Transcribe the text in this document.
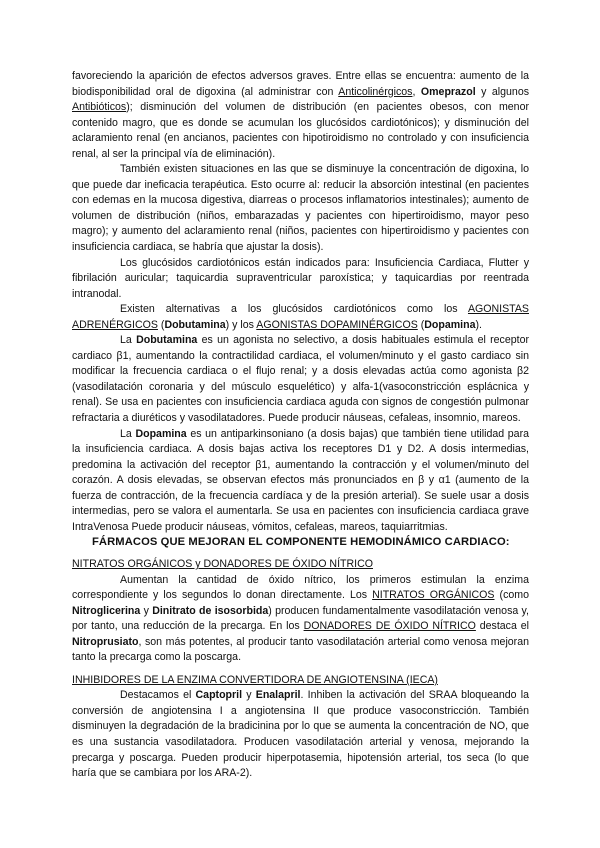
favoreciendo la aparición de efectos adversos graves. Entre ellas se encuentra: aumento de la biodisponibilidad oral de digoxina (al administrar con Anticolinérgicos, Omeprazol y algunos Antibióticos); disminución del volumen de distribución (en pacientes obesos, con menor contenido magro, que es donde se acumulan los glucósidos cardiotónicos); y disminución del aclaramiento renal (en ancianos, pacientes con hipotiroidismo no controlado y con insuficiencia renal, al ser la principal vía de eliminación).

También existen situaciones en las que se disminuye la concentración de digoxina, lo que puede dar ineficacia terapéutica. Esto ocurre al: reducir la absorción intestinal (en pacientes con edemas en la mucosa digestiva, diarreas o procesos inflamatorios intestinales); aumento de volumen de distribución (niños, embarazadas y pacientes con hipertiroidismo, mayor peso magro); y aumento del aclaramiento renal (niños, pacientes con hipertiroidismo y pacientes con insuficiencia cardiaca, se habría que ajustar la dosis).

Los glucósidos cardiotónicos están indicados para: Insuficiencia Cardiaca, Flutter y fibrilación auricular; taquicardia supraventricular paroxística; y taquicardias por reentrada intranodal.

Existen alternativas a los glucósidos cardiotónicos como los AGONISTAS ADRENÉRGICOS (Dobutamina) y los AGONISTAS DOPAMINÉRGICOS (Dopamina).

La Dobutamina es un agonista no selectivo, a dosis habituales estimula el receptor cardiaco β1, aumentando la contractilidad cardiaca, el volumen/minuto y el gasto cardiaco sin modificar la frecuencia cardiaca o el flujo renal; y a dosis elevadas actúa como agonista β2 (vasodilatación coronaria y del músculo esquelético) y alfa-1(vasoconstricción esplácnica y renal). Se usa en pacientes con insuficiencia cardiaca aguda con signos de congestión pulmonar refractaria a diuréticos y vasodilatadores. Puede producir náuseas, cefaleas, insomnio, mareos.

La Dopamina es un antiparkinsoniano (a dosis bajas) que también tiene utilidad para la insuficiencia cardiaca. A dosis bajas activa los receptores D1 y D2. A dosis intermedias, predomina la activación del receptor β1, aumentando la contracción y el volumen/minuto del corazón. A dosis elevadas, se observan efectos más pronunciados en β y α1 (aumento de la fuerza de contracción, de la frecuencia cardíaca y de la presión arterial). Se suele usar a dosis intermedias, pero se valora el aumentarla. Se usa en pacientes con insuficiencia cardiaca grave IntraVenosa Puede producir náuseas, vómitos, cefaleas, mareos, taquiarritmias.

FÁRMACOS QUE MEJORAN EL COMPONENTE HEMODINÁMICO CARDIACO:

NITRATOS ORGÁNICOS y DONADORES DE ÓXIDO NÍTRICO

Aumentan la cantidad de óxido nítrico, los primeros estimulan la enzima correspondiente y los segundos lo donan directamente. Los NITRATOS ORGÁNICOS (como Nitroglicerina y Dinitrato de isosorbida) producen fundamentalmente vasodilatación venosa y, por tanto, una reducción de la precarga. En los DONADORES DE ÓXIDO NÍTRICO destaca el Nitroprusiato, son más potentes, al producir tanto vasodilatación arterial como venosa mejoran tanto la precarga como la poscarga.

INHIBIDORES DE LA ENZIMA CONVERTIDORA DE ANGIOTENSINA (IECA)

Destacamos el Captopril y Enalapril. Inhiben la activación del SRAA bloqueando la conversión de angiotensina I a angiotensina II que produce vasoconstricción. También disminuyen la degradación de la bradicinina por lo que se aumenta la concentración de NO, que es una sustancia vasodilatadora. Producen vasodilatación arterial y venosa, mejorando la precarga y poscarga. Pueden producir hiperpotasemia, hipotensión arterial, tos seca (lo que haría que se cambiara por los ARA-2).
